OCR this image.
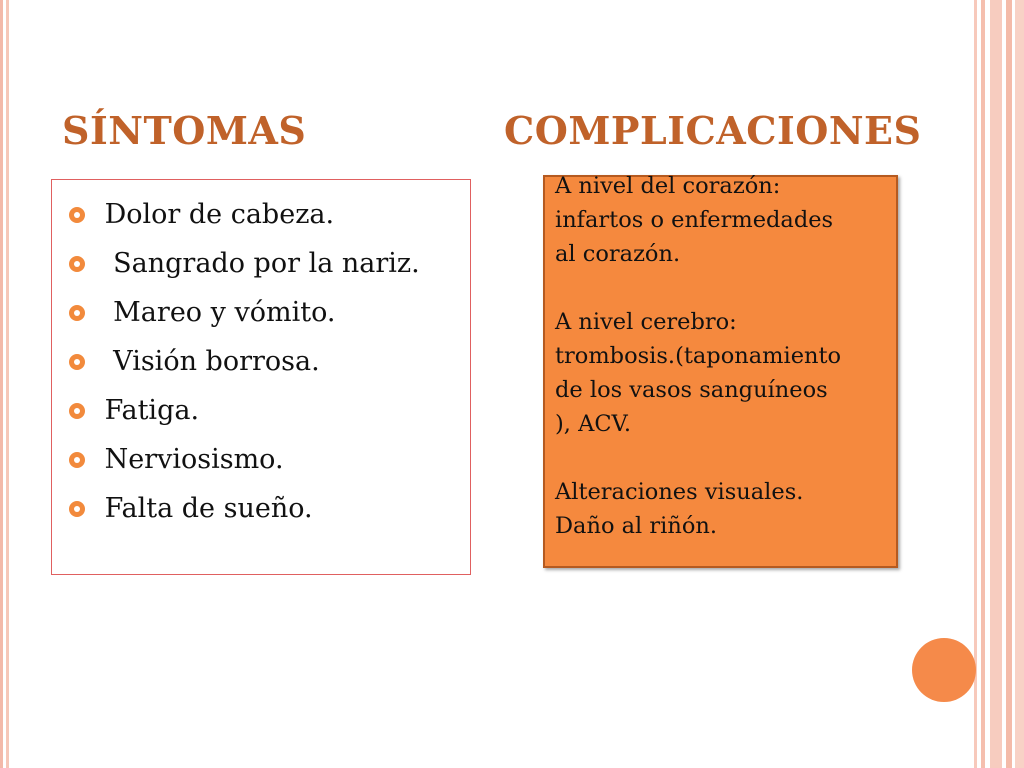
SÍNTOMAS	COMPLICACIONES
Dolor de cabeza.
Sangrado por la nariz.
Mareo y vómito.
Visión borrosa.
Fatiga.
Nerviosismo.
Falta de sueño.

A nivel del corazón:
infartos o enfermedades
al corazón.

A nivel cerebro:
trombosis.(taponamiento
de los vasos sanguíneos
), ACV.

Alteraciones visuales.
Daño al riñón.
